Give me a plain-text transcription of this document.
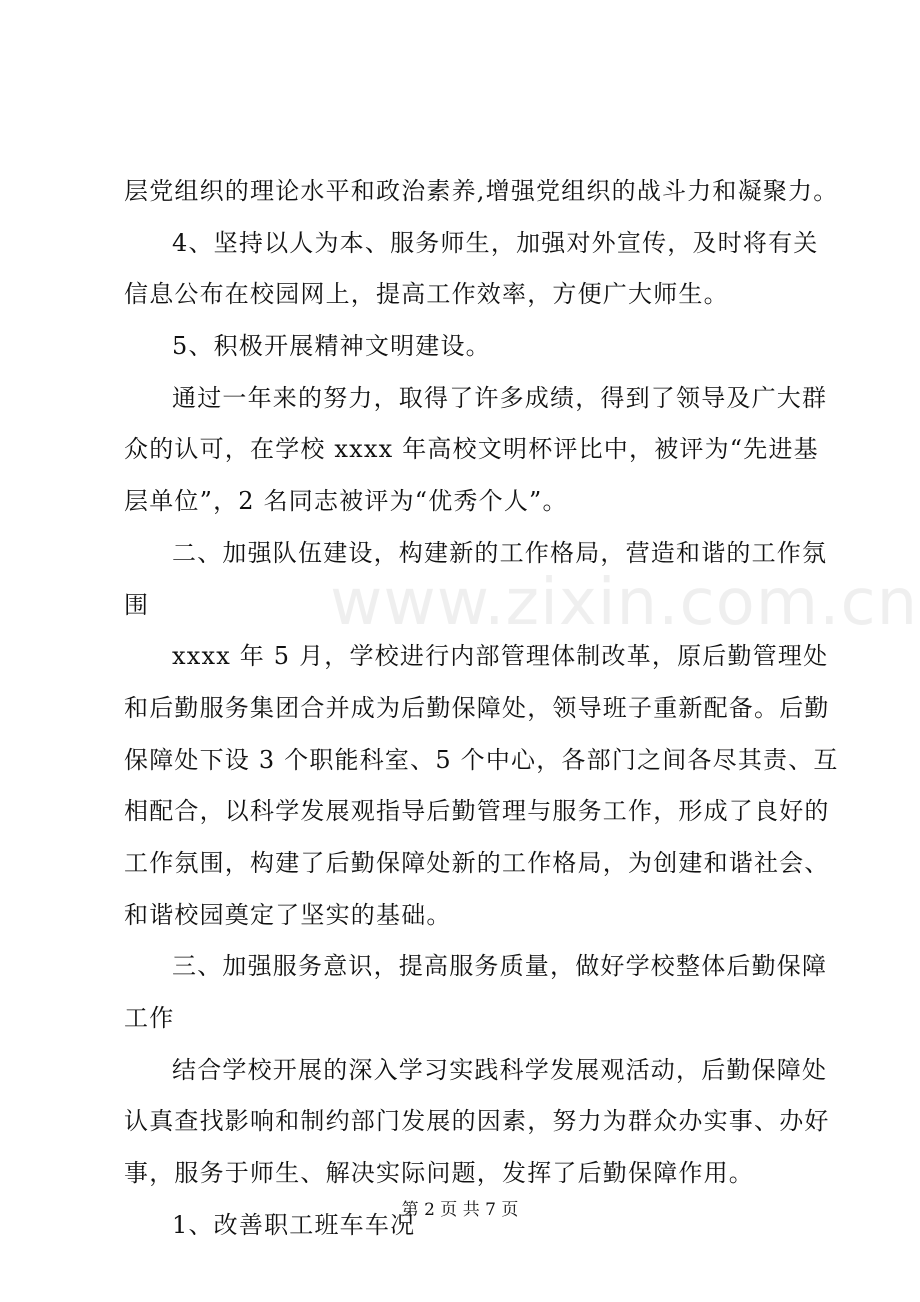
www.zixin.com.cn
层党组织的理论水平和政治素养,增强党组织的战斗力和凝聚力。
4、坚持以人为本、服务师生，加强对外宣传，及时将有关
信息公布在校园网上，提高工作效率，方便广大师生。
5、积极开展精神文明建设。
通过一年来的努力，取得了许多成绩，得到了领导及广大群
众的认可，在学校 xxxx 年高校文明杯评比中，被评为“先进基
层单位”，2 名同志被评为“优秀个人”。
二、加强队伍建设，构建新的工作格局，营造和谐的工作氛
围
xxxx 年 5 月，学校进行内部管理体制改革，原后勤管理处
和后勤服务集团合并成为后勤保障处，领导班子重新配备。后勤
保障处下设 3 个职能科室、5 个中心，各部门之间各尽其责、互
相配合，以科学发展观指导后勤管理与服务工作，形成了良好的
工作氛围，构建了后勤保障处新的工作格局，为创建和谐社会、
和谐校园奠定了坚实的基础。
三、加强服务意识，提高服务质量，做好学校整体后勤保障
工作
结合学校开展的深入学习实践科学发展观活动，后勤保障处
认真查找影响和制约部门发展的因素，努力为群众办实事、办好
事，服务于师生、解决实际问题，发挥了后勤保障作用。
1、改善职工班车车况
第 2 页 共 7 页
